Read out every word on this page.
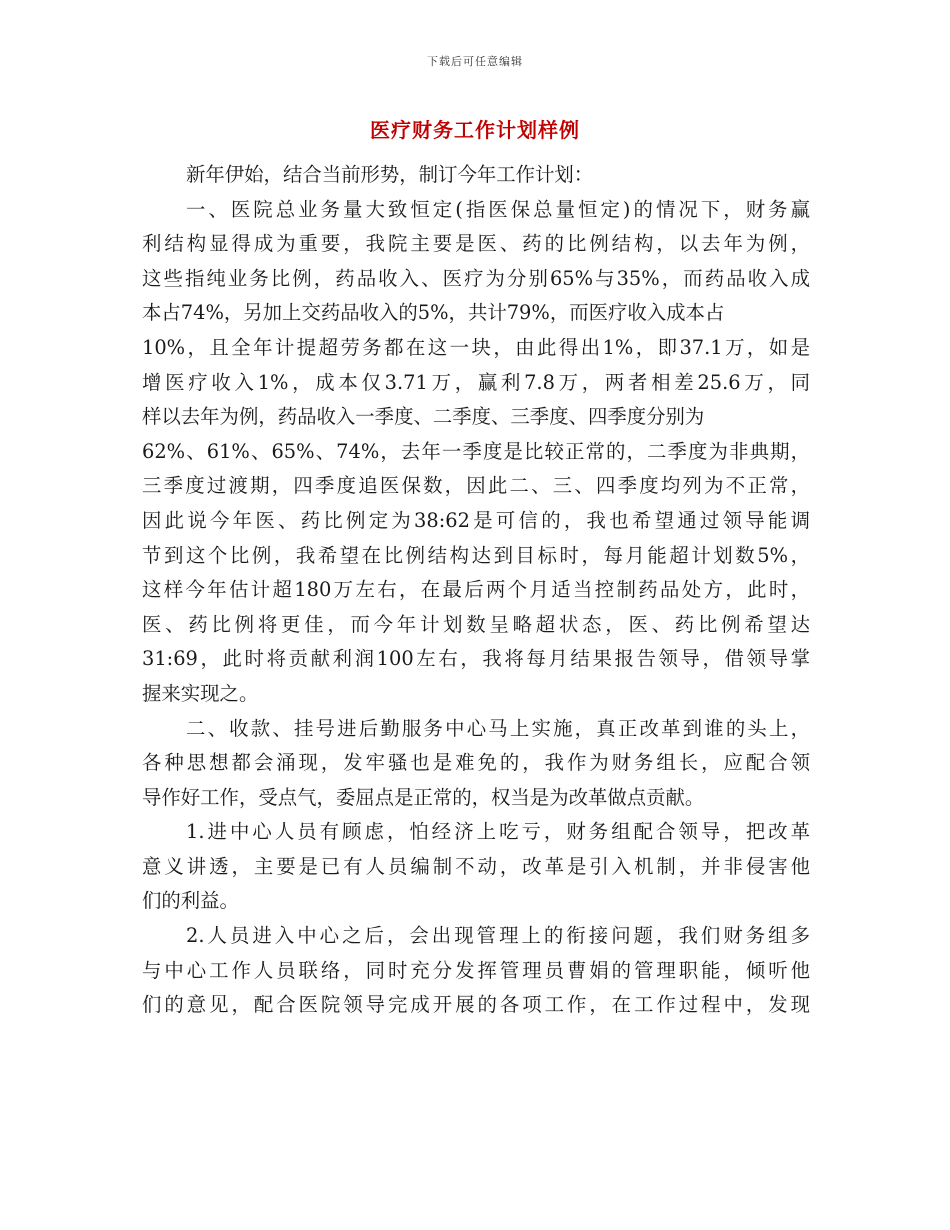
下载后可任意编辑
医疗财务工作计划样例
新年伊始，结合当前形势，制订今年工作计划：
一、医院总业务量大致恒定(指医保总量恒定)的情况下，财务赢
利结构显得成为重要，我院主要是医、药的比例结构，以去年为例，
这些指纯业务比例，药品收入、医疗为分别65%与35%，而药品收入成
本占74%，另加上交药品收入的5%，共计79%，而医疗收入成本占
10%，且全年计提超劳务都在这一块，由此得出1%，即37.1万，如是
增医疗收入1%，成本仅3.71万，赢利7.8万，两者相差25.6万，同
样以去年为例，药品收入一季度、二季度、三季度、四季度分别为
62%、61%、65%、74%，去年一季度是比较正常的，二季度为非典期，
三季度过渡期，四季度追医保数，因此二、三、四季度均列为不正常，
因此说今年医、药比例定为38:62是可信的，我也希望通过领导能调
节到这个比例，我希望在比例结构达到目标时，每月能超计划数5%，
这样今年估计超180万左右，在最后两个月适当控制药品处方，此时，
医、药比例将更佳，而今年计划数呈略超状态，医、药比例希望达
31:69，此时将贡献利润100左右，我将每月结果报告领导，借领导掌
握来实现之。
二、收款、挂号进后勤服务中心马上实施，真正改革到谁的头上，
各种思想都会涌现，发牢骚也是难免的，我作为财务组长，应配合领
导作好工作，受点气，委屈点是正常的，权当是为改革做点贡献。
1.进中心人员有顾虑，怕经济上吃亏，财务组配合领导，把改革
意义讲透，主要是已有人员编制不动，改革是引入机制，并非侵害他
们的利益。
2.人员进入中心之后，会出现管理上的衔接问题，我们财务组多
与中心工作人员联络，同时充分发挥管理员曹娟的管理职能，倾听他
们的意见，配合医院领导完成开展的各项工作，在工作过程中，发现
